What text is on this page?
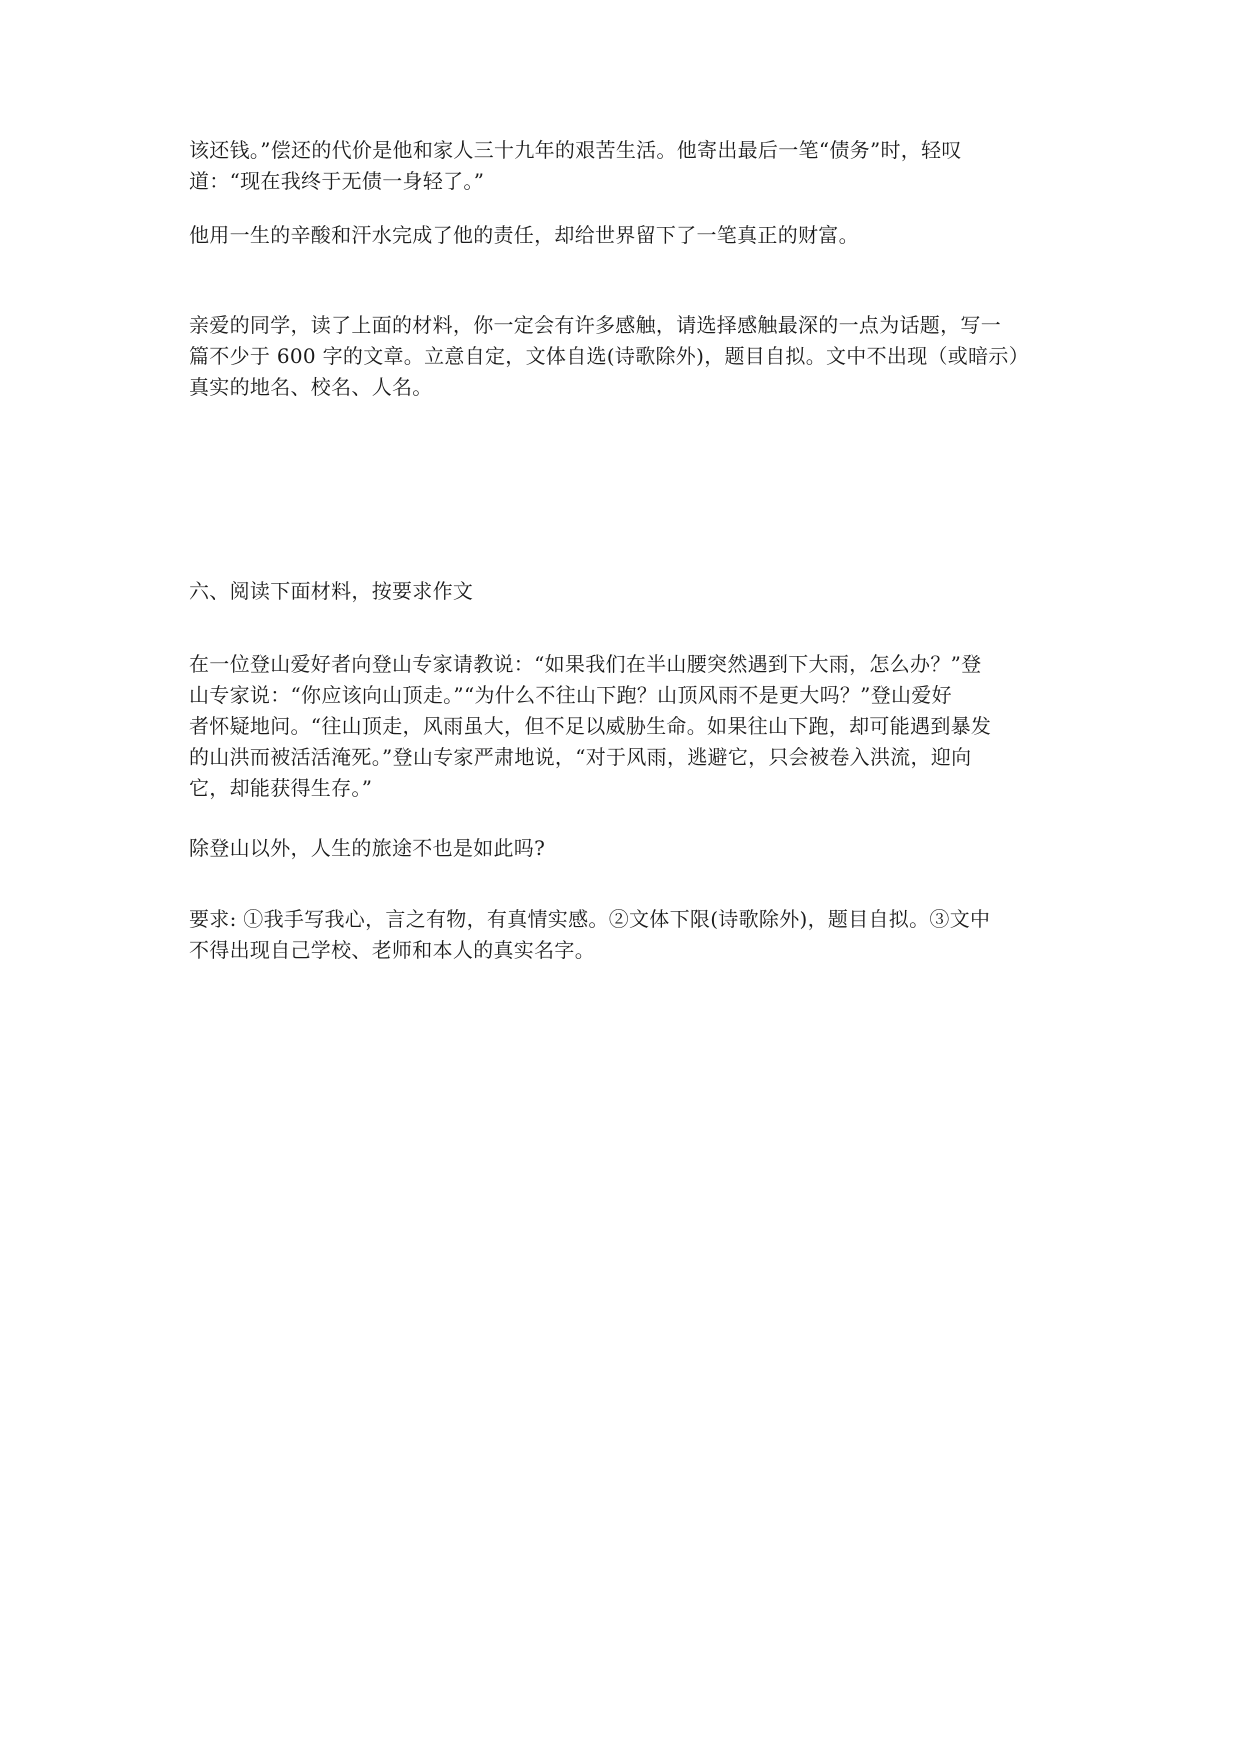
该还钱。”偿还的代价是他和家人三十九年的艰苦生活。他寄出最后一笔“债务”时，轻叹
道：“现在我终于无债一身轻了。”
他用一生的辛酸和汗水完成了他的责任，却给世界留下了一笔真正的财富。
亲爱的同学，读了上面的材料，你一定会有许多感触，请选择感触最深的一点为话题，写一
篇不少于 600 字的文章。立意自定，文体自选(诗歌除外)，题目自拟。文中不出现（或暗示）
真实的地名、校名、人名。
六、阅读下面材料，按要求作文
在一位登山爱好者向登山专家请教说：“如果我们在半山腰突然遇到下大雨，怎么办？”登
山专家说：“你应该向山顶走。”“为什么不往山下跑？山顶风雨不是更大吗？”登山爱好
者怀疑地问。“往山顶走，风雨虽大，但不足以威胁生命。如果往山下跑，却可能遇到暴发
的山洪而被活活淹死。”登山专家严肃地说，“对于风雨，逃避它，只会被卷入洪流，迎向
它，却能获得生存。”
除登山以外，人生的旅途不也是如此吗?
要求: ①我手写我心，言之有物，有真情实感。②文体下限(诗歌除外)，题目自拟。③文中
不得出现自己学校、老师和本人的真实名字。
